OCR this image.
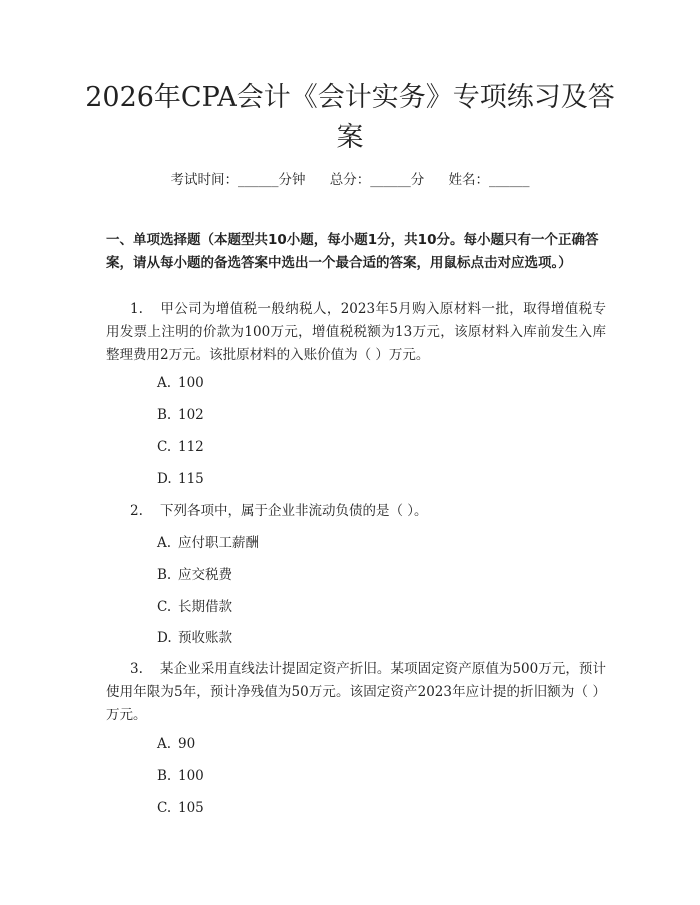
2026年CPA会计《会计实务》专项练习及答案
考试时间：______分钟 总分：______分 姓名：______
一、单项选择题（本题型共10小题，每小题1分，共10分。每小题只有一个正确答案，请从每小题的备选答案中选出一个最合适的答案，用鼠标点击对应选项。）
1. 甲公司为增值税一般纳税人，2023年5月购入原材料一批，取得增值税专用发票上注明的价款为100万元，增值税税额为13万元，该原材料入库前发生入库整理费用2万元。该批原材料的入账价值为（ ）万元。
A. 100
B. 102
C. 112
D. 115
2. 下列各项中，属于企业非流动负债的是（ ）。
A. 应付职工薪酬
B. 应交税费
C. 长期借款
D. 预收账款
3. 某企业采用直线法计提固定资产折旧。某项固定资产原值为500万元，预计使用年限为5年，预计净残值为50万元。该固定资产2023年应计提的折旧额为（ ）万元。
A. 90
B. 100
C. 105
